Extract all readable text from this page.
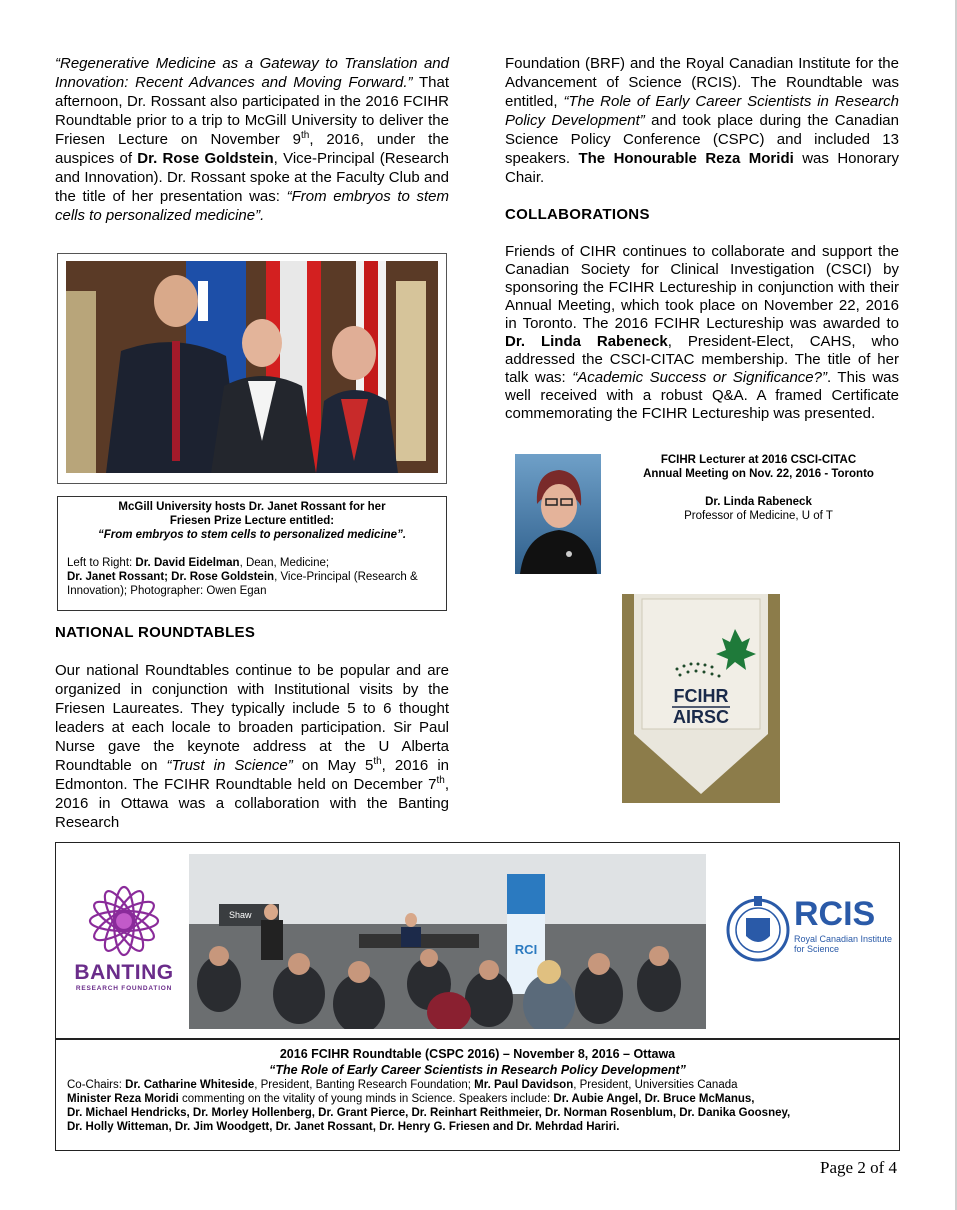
“Regenerative Medicine as a Gateway to Translation and Innovation: Recent Advances and Moving Forward.” That afternoon, Dr. Rossant also participated in the 2016 FCIHR Roundtable prior to a trip to McGill University to deliver the Friesen Lecture on November 9th, 2016, under the auspices of Dr. Rose Goldstein, Vice-Principal (Research and Innovation). Dr. Rossant spoke at the Faculty Club and the title of her presentation was: “From embryos to stem cells to personalized medicine”.

McGill University hosts Dr. Janet Rossant for her
Friesen Prize Lecture entitled:
“From embryos to stem cells to personalized medicine”.
Left to Right: Dr. David Eidelman, Dean, Medicine;
Dr. Janet Rossant; Dr. Rose Goldstein, Vice-Principal (Research & Innovation); Photographer: Owen Egan
NATIONAL ROUNDTABLES

Our national Roundtables continue to be popular and are organized in conjunction with Institutional visits by the Friesen Laureates. They typically include 5 to 6 thought leaders at each locale to broaden participation. Sir Paul Nurse gave the keynote address at the U Alberta Roundtable on “Trust in Science” on May 5th, 2016 in Edmonton. The FCIHR Roundtable held on December 7th, 2016 in Ottawa was a collaboration with the Banting Research

Foundation (BRF) and the Royal Canadian Institute for the Advancement of Science (RCIS). The Roundtable was entitled, “The Role of Early Career Scientists in Research Policy Development” and took place during the Canadian Science Policy Conference (CSPC) and included 13 speakers. The Honourable Reza Moridi was Honorary Chair.

COLLABORATIONS

Friends of CIHR continues to collaborate and support the Canadian Society for Clinical Investigation (CSCI) by sponsoring the FCIHR Lectureship in conjunction with their Annual Meeting, which took place on November 22, 2016 in Toronto. The 2016 FCIHR Lectureship was awarded to Dr. Linda Rabeneck, President-Elect, CAHS, who addressed the CSCI-CITAC membership. The title of her talk was: “Academic Success or Significance?”. This was well received with a robust Q&A. A framed Certificate commemorating the FCIHR Lectureship was presented.

FCIHR Lecturer at 2016 CSCI-CITAC
Annual Meeting on Nov. 22, 2016 - Toronto
Dr. Linda Rabeneck
Professor of Medicine, U of T
FCIHR
AIRSC
BANTING
RESEARCH FOUNDATION
Shaw
RCI
RCIS
Royal Canadian Institute
for Science
2016 FCIHR Roundtable (CSPC 2016) – November 8, 2016 – Ottawa
“The Role of Early Career Scientists in Research Policy Development”
Co-Chairs: Dr. Catharine Whiteside, President, Banting Research Foundation; Mr. Paul Davidson, President, Universities Canada
Minister Reza Moridi commenting on the vitality of young minds in Science. Speakers include: Dr. Aubie Angel, Dr. Bruce McManus,
Dr. Michael Hendricks, Dr. Morley Hollenberg, Dr. Grant Pierce, Dr. Reinhart Reithmeier, Dr. Norman Rosenblum, Dr. Danika Goosney,
Dr. Holly Witteman, Dr. Jim Woodgett, Dr. Janet Rossant, Dr. Henry G. Friesen and Dr. Mehrdad Hariri.
Page 2 of 4
